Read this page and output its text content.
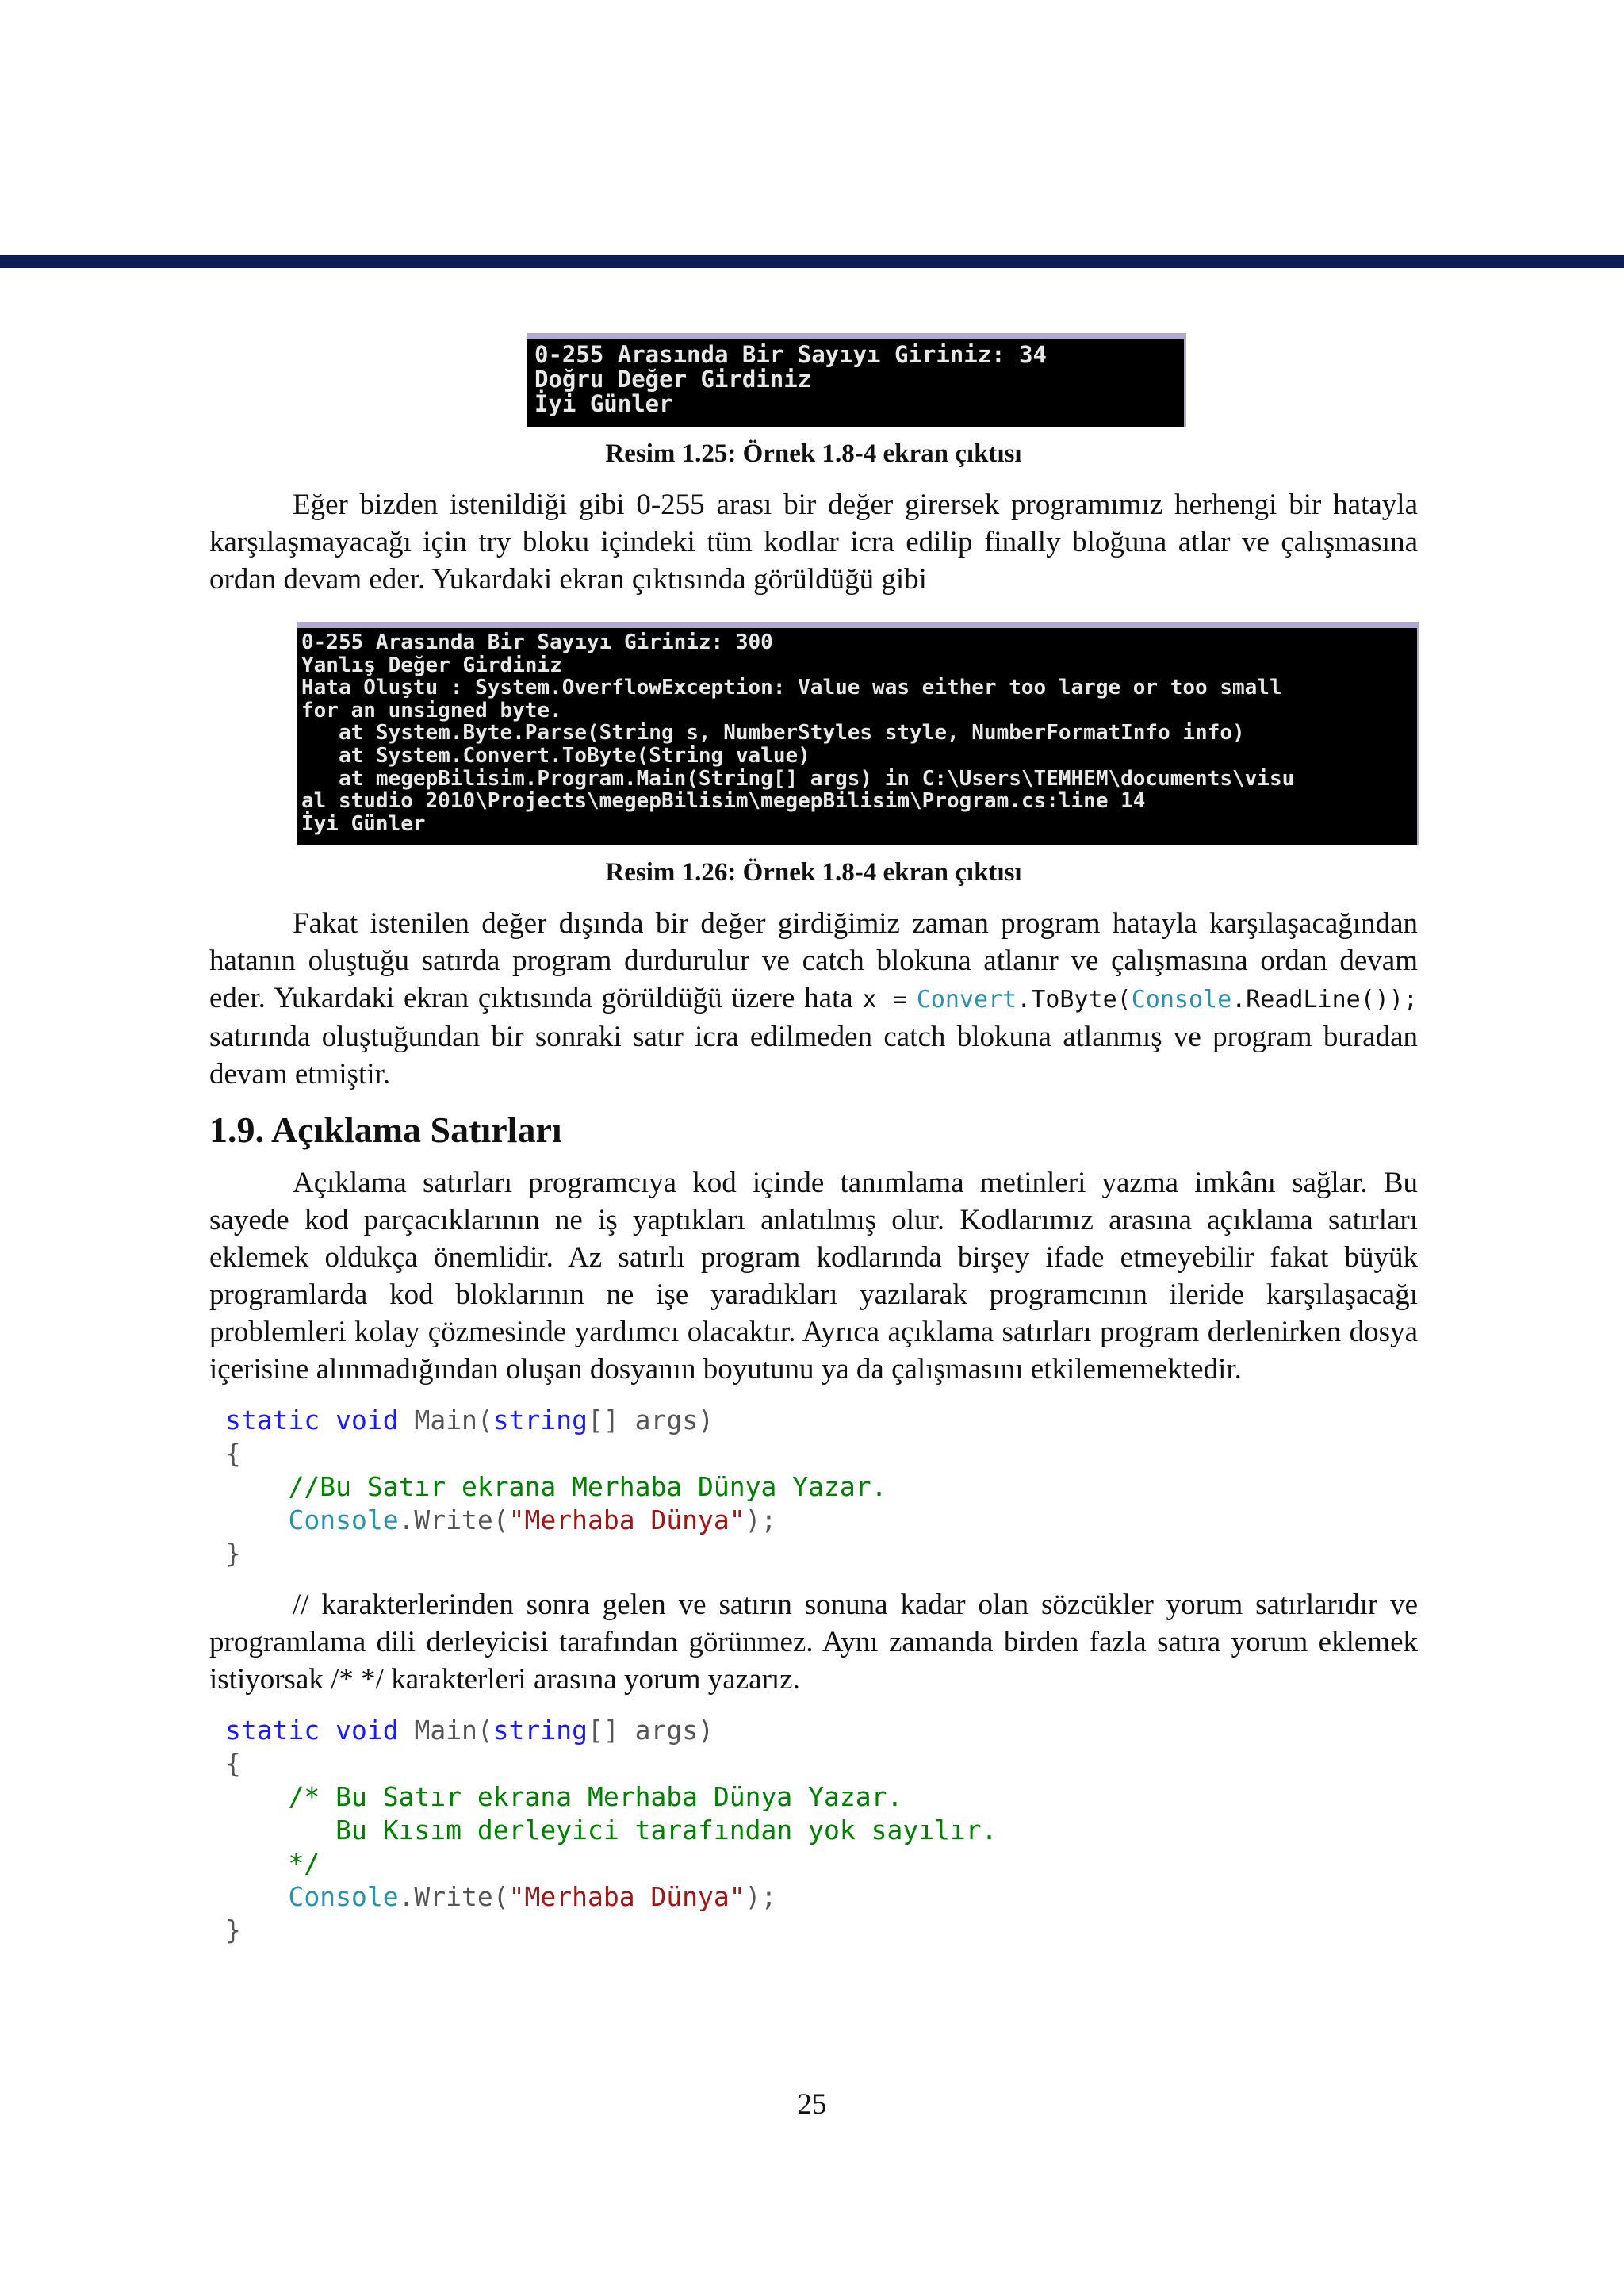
0-255 Arasında Bir Sayıyı Giriniz: 34
Doğru Değer Girdiniz
İyi Günler
Resim 1.25: Örnek 1.8-4 ekran çıktısı

Eğer bizden istenildiği gibi 0-255 arası bir değer girersek programımız herhengi bir hatayla karşılaşmayacağı için try bloku içindeki tüm kodlar icra edilip finally bloğuna atlar ve çalışmasına ordan devam eder. Yukardaki ekran çıktısında görüldüğü gibi

0-255 Arasında Bir Sayıyı Giriniz: 300
Yanlış Değer Girdiniz
Hata Oluştu : System.OverflowException: Value was either too large or too small
for an unsigned byte.
at System.Byte.Parse(String s, NumberStyles style, NumberFormatInfo info)
at System.Convert.ToByte(String value)
at megepBilisim.Program.Main(String[] args) in C:\Users\TEMHEM\documents\visu
al studio 2010\Projects\megepBilisim\megepBilisim\Program.cs:line 14
İyi Günler
Resim 1.26: Örnek 1.8-4 ekran çıktısı

Fakat istenilen değer dışında bir değer girdiğimiz zaman program hatayla karşılaşacağından hatanın oluştuğu satırda program durdurulur ve catch blokuna atlanır ve çalışmasına ordan devam eder. Yukardaki ekran çıktısında görüldüğü üzere hata x = Convert.ToByte(Console.ReadLine()); satırında oluştuğundan bir sonraki satır icra edilmeden catch blokuna atlanmış ve program buradan devam etmiştir.

1.9. Açıklama Satırları

Açıklama satırları programcıya kod içinde tanımlama metinleri yazma imkânı sağlar. Bu sayede kod parçacıklarının ne iş yaptıkları anlatılmış olur. Kodlarımız arasına açıklama satırları eklemek oldukça önemlidir. Az satırlı program kodlarında birşey ifade etmeyebilir fakat büyük programlarda kod bloklarının ne işe yaradıkları yazılarak programcının ileride karşılaşacağı problemleri kolay çözmesinde yardımcı olacaktır. Ayrıca açıklama satırları program derlenirken dosya içerisine alınmadığından oluşan dosyanın boyutunu ya da çalışmasını etkilememektedir.

static void Main(string[] args)
{
//Bu Satır ekrana Merhaba Dünya Yazar.
Console.Write("Merhaba Dünya");
}

// karakterlerinden sonra gelen ve satırın sonuna kadar olan sözcükler yorum satırlarıdır ve programlama dili derleyicisi tarafından görünmez. Aynı zamanda birden fazla satıra yorum eklemek istiyorsak /* */ karakterleri arasına yorum yazarız.

static void Main(string[] args)
{
/* Bu Satır ekrana Merhaba Dünya Yazar.
Bu Kısım derleyici tarafından yok sayılır.
*/
Console.Write("Merhaba Dünya");
}
25
